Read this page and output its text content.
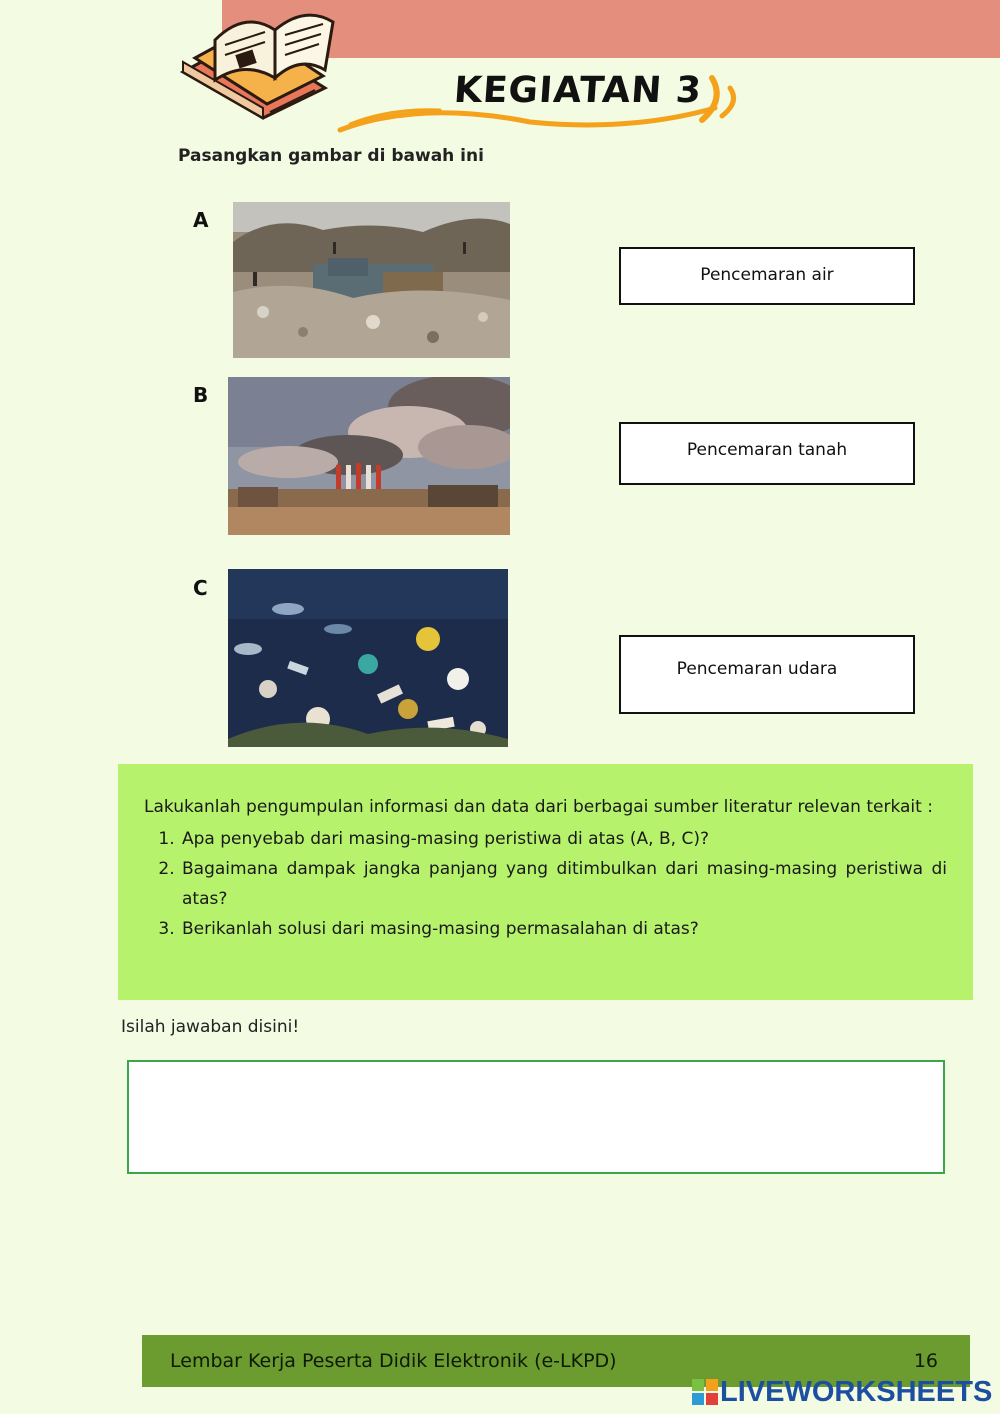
KEGIATAN 3
Pasangkan gambar di bawah ini
A
B
C
Pencemaran air
Pencemaran tanah
Pencemaran udara
Lakukanlah pengumpulan informasi dan data dari berbagai sumber literatur relevan terkait :
1. Apa penyebab dari masing-masing peristiwa di atas (A, B, C)?
2. Bagaimana dampak jangka panjang yang ditimbulkan dari masing-masing peristiwa di atas?
3. Berikanlah solusi dari masing-masing permasalahan di atas?
Isilah jawaban disini!
Lembar Kerja Peserta Didik Elektronik (e-LKPD)	16
LIVEWORKSHEETS
